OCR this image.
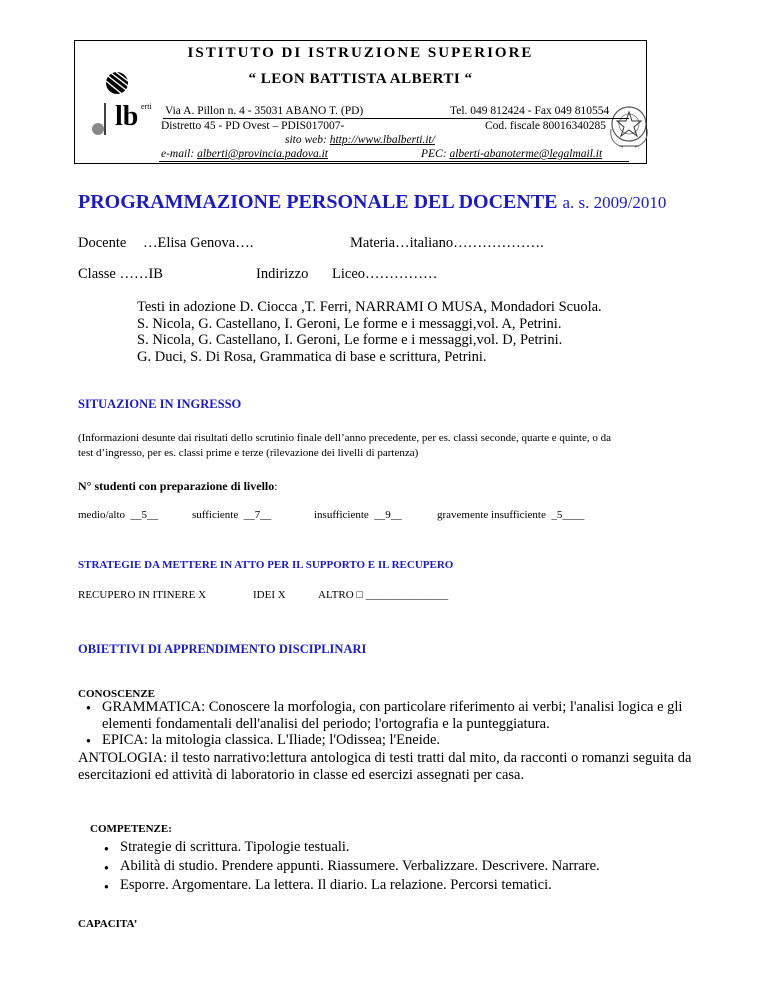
ISTITUTO DI ISTRUZIONE SUPERIORE
“ LEON BATTISTA ALBERTI “
lb erti Via A. Pillon n. 4 - 35031 ABANO T. (PD)	Tel. 049 812424 - Fax 049 810554
Distretto 45 - PD Ovest – PDIS017007-	Cod. fiscale 80016340285
sito web: http://www.lbalberti.it/
e-mail: alberti@provincia.padova.it	PEC: alberti-abanoterme@legalmail.it
PROGRAMMAZIONE PERSONALE DEL DOCENTE a. s. 2009/2010
Docente …Elisa Genova….	Materia…italiano……………….
Classe ……IB	Indirizzo Liceo……………
Testi in adozione D. Ciocca ,T. Ferri, NARRAMI O MUSA, Mondadori Scuola.
S. Nicola, G. Castellano, I. Geroni, Le forme e i messaggi,vol. A, Petrini.
S. Nicola, G. Castellano, I. Geroni, Le forme e i messaggi,vol. D, Petrini.
G. Duci, S. Di Rosa, Grammatica di base e scrittura, Petrini.
SITUAZIONE IN INGRESSO
(Informazioni desunte dai risultati dello scrutinio finale dell’anno precedente, per es. classi seconde, quarte e quinte, o da
test d’ingresso, per es. classi prime e terze (rilevazione dei livelli di partenza)
N° studenti con preparazione di livello:
medio/alto __5__	sufficiente __7__	insufficiente __9__	gravemente insufficiente _5____
STRATEGIE DA METTERE IN ATTO PER IL SUPPORTO E IL RECUPERO
RECUPERO IN ITINERE X	IDEI X	ALTRO □ _______________
OBIETTIVI DI APPRENDIMENTO DISCIPLINARI
CONOSCENZE
● GRAMMATICA: Conoscere la morfologia, con particolare riferimento ai verbi; l'analisi logica e gli elementi fondamentali dell'analisi del periodo; l'ortografia e la punteggiatura.
● EPICA: la mitologia classica. L'Iliade; l'Odissea; l'Eneide.
ANTOLOGIA: il testo narrativo:lettura antologica di testi tratti dal mito, da racconti o romanzi seguita da esercitazioni ed attività di laboratorio in classe ed esercizi assegnati per casa.
COMPETENZE:
● Strategie di scrittura. Tipologie testuali.
● Abilità di studio. Prendere appunti. Riassumere. Verbalizzare. Descrivere. Narrare.
● Esporre. Argomentare. La lettera. Il diario. La relazione. Percorsi tematici.
CAPACITA’
